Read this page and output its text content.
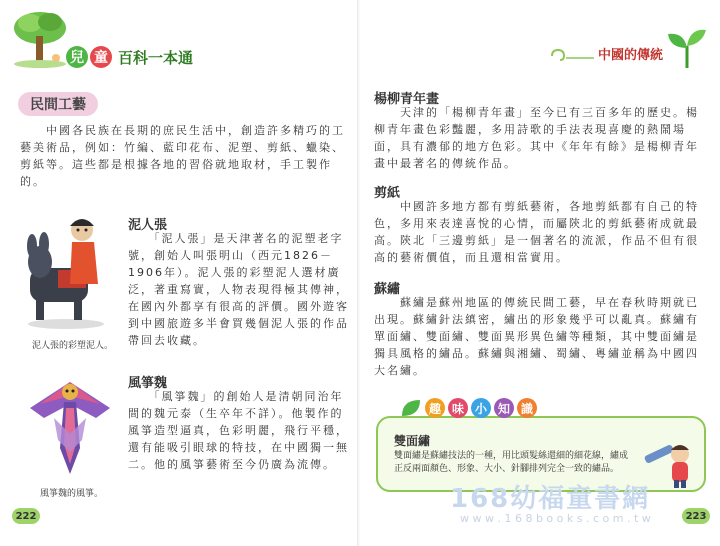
兒 童 百科一本通
民間工藝
　　中國各民族在長期的庶民生活中，創造許多精巧的工藝美術品，例如：竹編、藍印花布、泥塑、剪紙、蠟染、剪紙等。這些都是根據各地的習俗就地取材，手工製作的。
泥人張的彩塑泥人。
泥人張
　　「泥人張」是天津著名的泥塑老字號，創始人叫張明山（西元1826－1906年）。泥人張的彩塑泥人選材廣泛，著重寫實，人物表現得極其傳神，在國內外都享有很高的評價。國外遊客到中國旅遊多半會買幾個泥人張的作品帶回去收藏。
風箏魏的風箏。
風箏魏
　　「風箏魏」的創始人是清朝同治年間的魏元泰（生卒年不詳）。他製作的風箏造型逼真，色彩明麗，飛行平穩，還有能吸引眼球的特技，在中國獨一無二。他的風箏藝術至今仍廣為流傳。
222
中國的傳統
楊柳青年畫
　　天津的「楊柳青年畫」至今已有三百多年的歷史。楊柳青年畫色彩豔麗，多用詩歌的手法表現喜慶的熱鬧場面，具有濃郁的地方色彩。其中《年年有餘》是楊柳青年畫中最著名的傳統作品。
剪紙
　　中國許多地方都有剪紙藝術，各地剪紙都有自己的特色，多用來表達喜悅的心情，而屬陝北的剪紙藝術成就最高。陝北「三邊剪紙」是一個著名的流派，作品不但有很高的藝術價值，而且還相當實用。
蘇繡
　　蘇繡是蘇州地區的傳統民間工藝，早在春秋時期就已出現。蘇繡針法縝密，繡出的形象幾乎可以亂真。蘇繡有單面繡、雙面繡、雙面異形異色繡等種類，其中雙面繡是獨具風格的繡品。蘇繡與湘繡、蜀繡、粵繡並稱為中國四大名繡。
雙面繡
雙面繡是蘇繡技法的一種，用比頭髮絲還細的細花線，繡成正反兩面顏色、形象、大小、針腳排列完全一致的繡品。
趣 味 小 知 識
168幼福童書網
w w w . 1 6 8 b o o k s . c o m . t w	223
